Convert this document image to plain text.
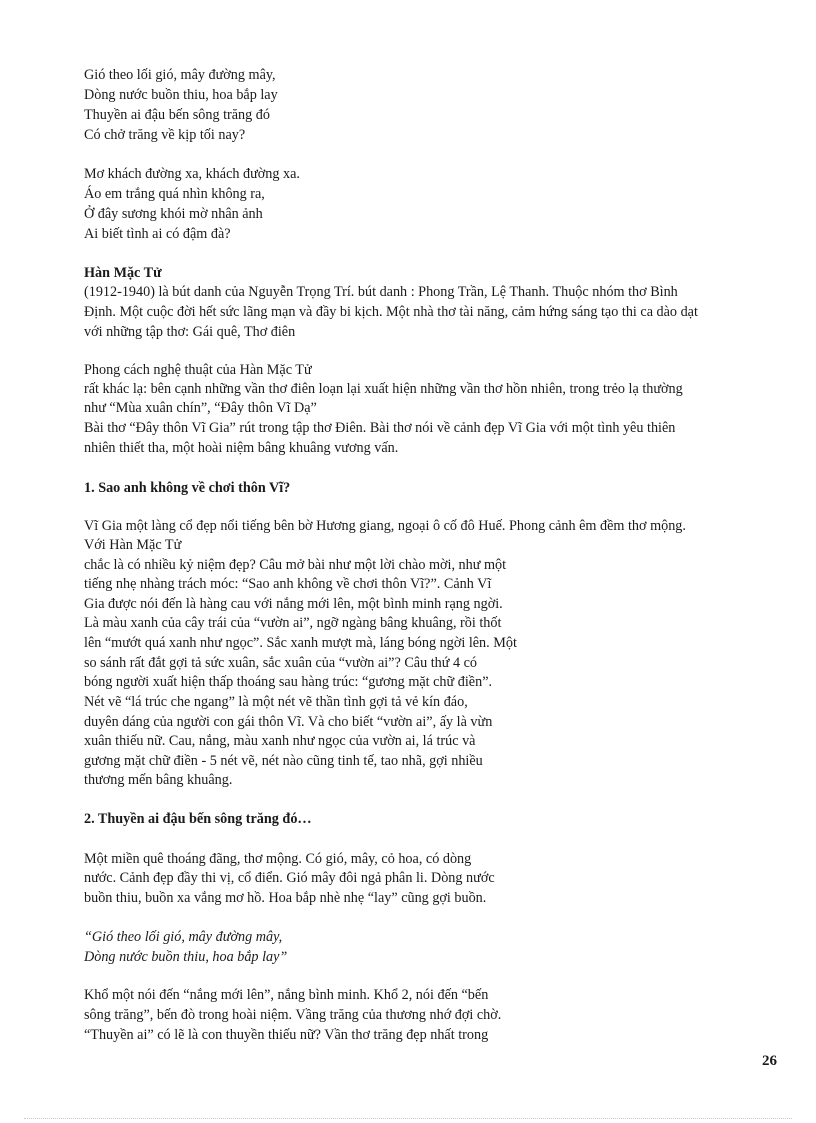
Gió theo lối gió, mây đường mây,
Dòng nước buồn thiu, hoa bắp lay
Thuyền ai đậu bến sông trăng đó
Có chở trăng về kịp tối nay?
Mơ khách đường xa, khách đường xa.
Áo em trắng quá nhìn không ra,
Ở đây sương khói mờ nhân ảnh
Ai biết tình ai có đậm đà?
Hàn Mặc Tử
(1912-1940) là bút danh của Nguyễn Trọng Trí. bút danh : Phong Trần, Lệ Thanh. Thuộc nhóm thơ Bình
Định. Một cuộc đời hết sức lãng mạn và đầy bi kịch. Một nhà thơ tài năng, cảm hứng sáng tạo thi ca dào dạt
với những tập thơ: Gái quê, Thơ điên
Phong cách nghệ thuật của Hàn Mặc Tử
rất khác lạ: bên cạnh những vần thơ điên loạn lại xuất hiện những vần thơ hồn nhiên, trong trẻo lạ thường
như “Mùa xuân chín”, “Đây thôn Vĩ Dạ”
Bài thơ “Đây thôn Vĩ Gia” rút trong tập thơ Điên. Bài thơ nói về cảnh đẹp Vĩ Gia với một tình yêu thiên
nhiên thiết tha, một hoài niệm bâng khuâng vương vấn.
1. Sao anh không về chơi thôn Vĩ?
Vĩ Gia một làng cổ đẹp nổi tiếng bên bờ Hương giang, ngoại ô cố đô Huế. Phong cảnh êm đềm thơ mộng.
Với Hàn Mặc Tử
chắc là có nhiều kỷ niệm đẹp? Câu mở bài như một lời chào mời, như một
tiếng nhẹ nhàng trách móc: “Sao anh không về chơi thôn Vĩ?”. Cảnh Vĩ
Gia được nói đến là hàng cau với nắng mới lên, một bình minh rạng ngời.
Là màu xanh của cây trái của “vườn ai”, ngỡ ngàng bâng khuâng, rồi thốt
lên “mướt quá xanh như ngọc”. Sắc xanh mượt mà, láng bóng ngời lên. Một
so sánh rất đắt gợi tả sức xuân, sắc xuân của “vườn ai”? Câu thứ 4 có
bóng người xuất hiện thấp thoáng sau hàng trúc: “gương mặt chữ điền”.
Nét vẽ “lá trúc che ngang” là một nét vẽ thần tình gợi tả vẻ kín đáo,
duyên dáng của người con gái thôn Vĩ. Và cho biết “vườn ai”, ấy là vừn
xuân thiếu nữ. Cau, nắng, màu xanh như ngọc của vườn ai, lá trúc và
gương mặt chữ điền - 5 nét vẽ, nét nào cũng tinh tế, tao nhã, gợi nhiều
thương mến bâng khuâng.
2. Thuyền ai đậu bến sông trăng đó…
Một miền quê thoáng đãng, thơ mộng. Có gió, mây, cỏ hoa, có dòng
nước. Cảnh đẹp đầy thi vị, cổ điển. Gió mây đôi ngả phân li. Dòng nước
buồn thiu, buồn xa vắng mơ hồ. Hoa bắp nhè nhẹ “lay” cũng gợi buồn.
“Gió theo lối gió, mây đường mây,
Dòng nước buồn thiu, hoa bắp lay”
Khổ một nói đến “nắng mới lên”, nắng bình minh. Khổ 2, nói đến “bến
sông trăng”, bến đò trong hoài niệm. Vầng trăng của thương nhớ đợi chờ.
“Thuyền ai” có lẽ là con thuyền thiếu nữ? Vần thơ trăng đẹp nhất trong
26
